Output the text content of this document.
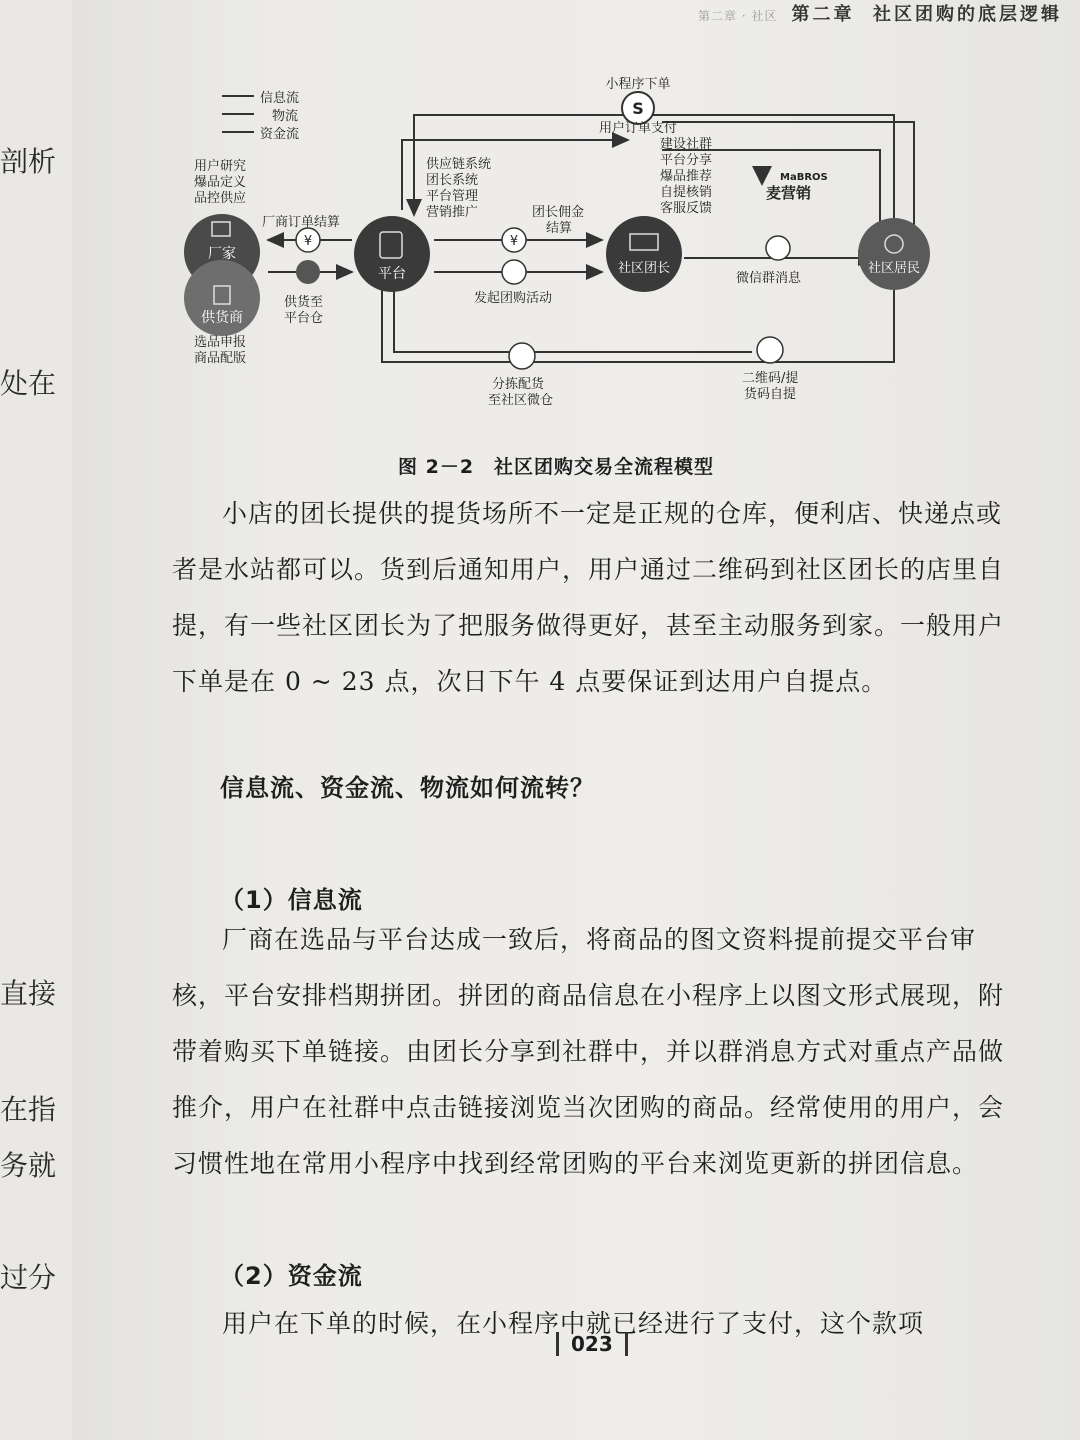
剖析
处在
直接
在指
务就
过分
第二章 · 社区 第二章 社区团购的底层逻辑
信息流
物流
资金流
S
小程序下单
用户订单支付
厂家
供货商
用户研究
爆品定义
品控供应
选品申报
商品配版
平台
供应链系统
团长系统
平台管理
营销推广
¥
厂商订单结算
供货至
平台仓
¥
团长佣金
结算
发起团购活动
社区团长
建设社群
平台分享
爆品推荐
自提核销
客服反馈
MaBROS
麦营销
微信群消息
社区居民
分拣配货
至社区微仓
二维码/提
货码自提
图 2－2　社区团购交易全流程模型

小店的团长提供的提货场所不一定是正规的仓库，便利店、快递点或者是水站都可以。货到后通知用户，用户通过二维码到社区团长的店里自提，有一些社区团长为了把服务做得更好，甚至主动服务到家。一般用户下单是在 0 ~ 23 点，次日下午 4 点要保证到达用户自提点。

信息流、资金流、物流如何流转？
（1）信息流

厂商在选品与平台达成一致后，将商品的图文资料提前提交平台审核，平台安排档期拼团。拼团的商品信息在小程序上以图文形式展现，附带着购买下单链接。由团长分享到社群中，并以群消息方式对重点产品做推介，用户在社群中点击链接浏览当次团购的商品。经常使用的用户，会习惯性地在常用小程序中找到经常团购的平台来浏览更新的拼团信息。

（2）资金流

用户在下单的时候，在小程序中就已经进行了支付，这个款项

023
